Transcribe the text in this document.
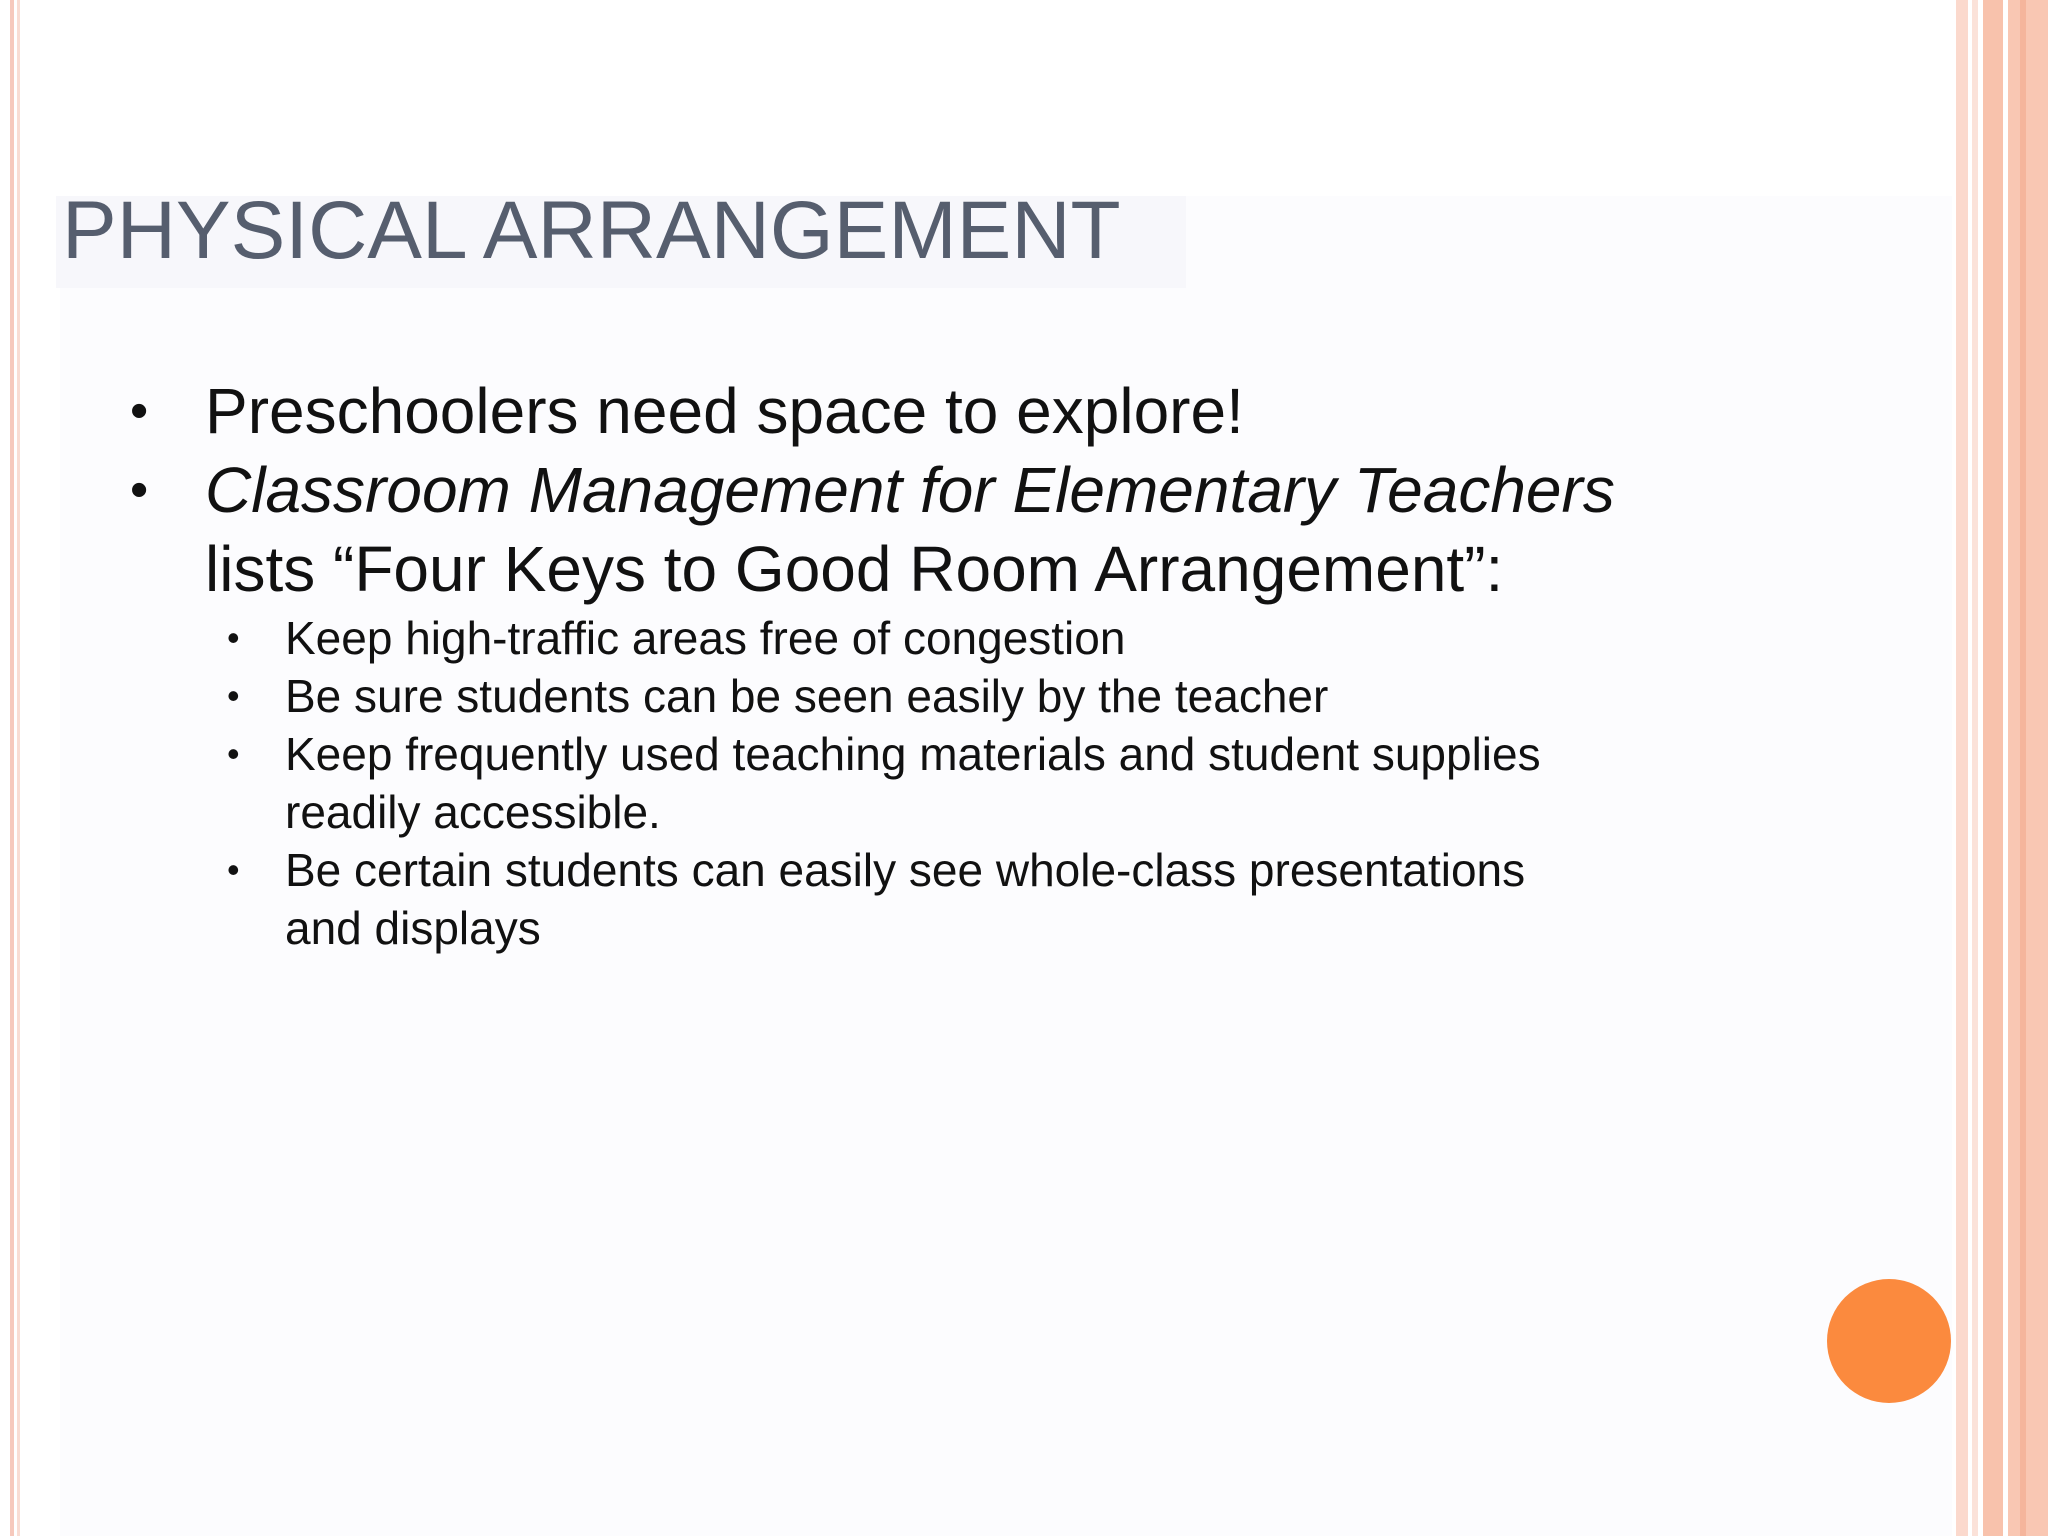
PHYSICAL ARRANGEMENT
• Preschoolers need space to explore!
• Classroom Management for Elementary Teachers
lists “Four Keys to Good Room Arrangement”:
• Keep high-traffic areas free of congestion
• Be sure students can be seen easily by the teacher
• Keep frequently used teaching materials and student supplies
readily accessible.
• Be certain students can easily see whole-class presentations
and displays
